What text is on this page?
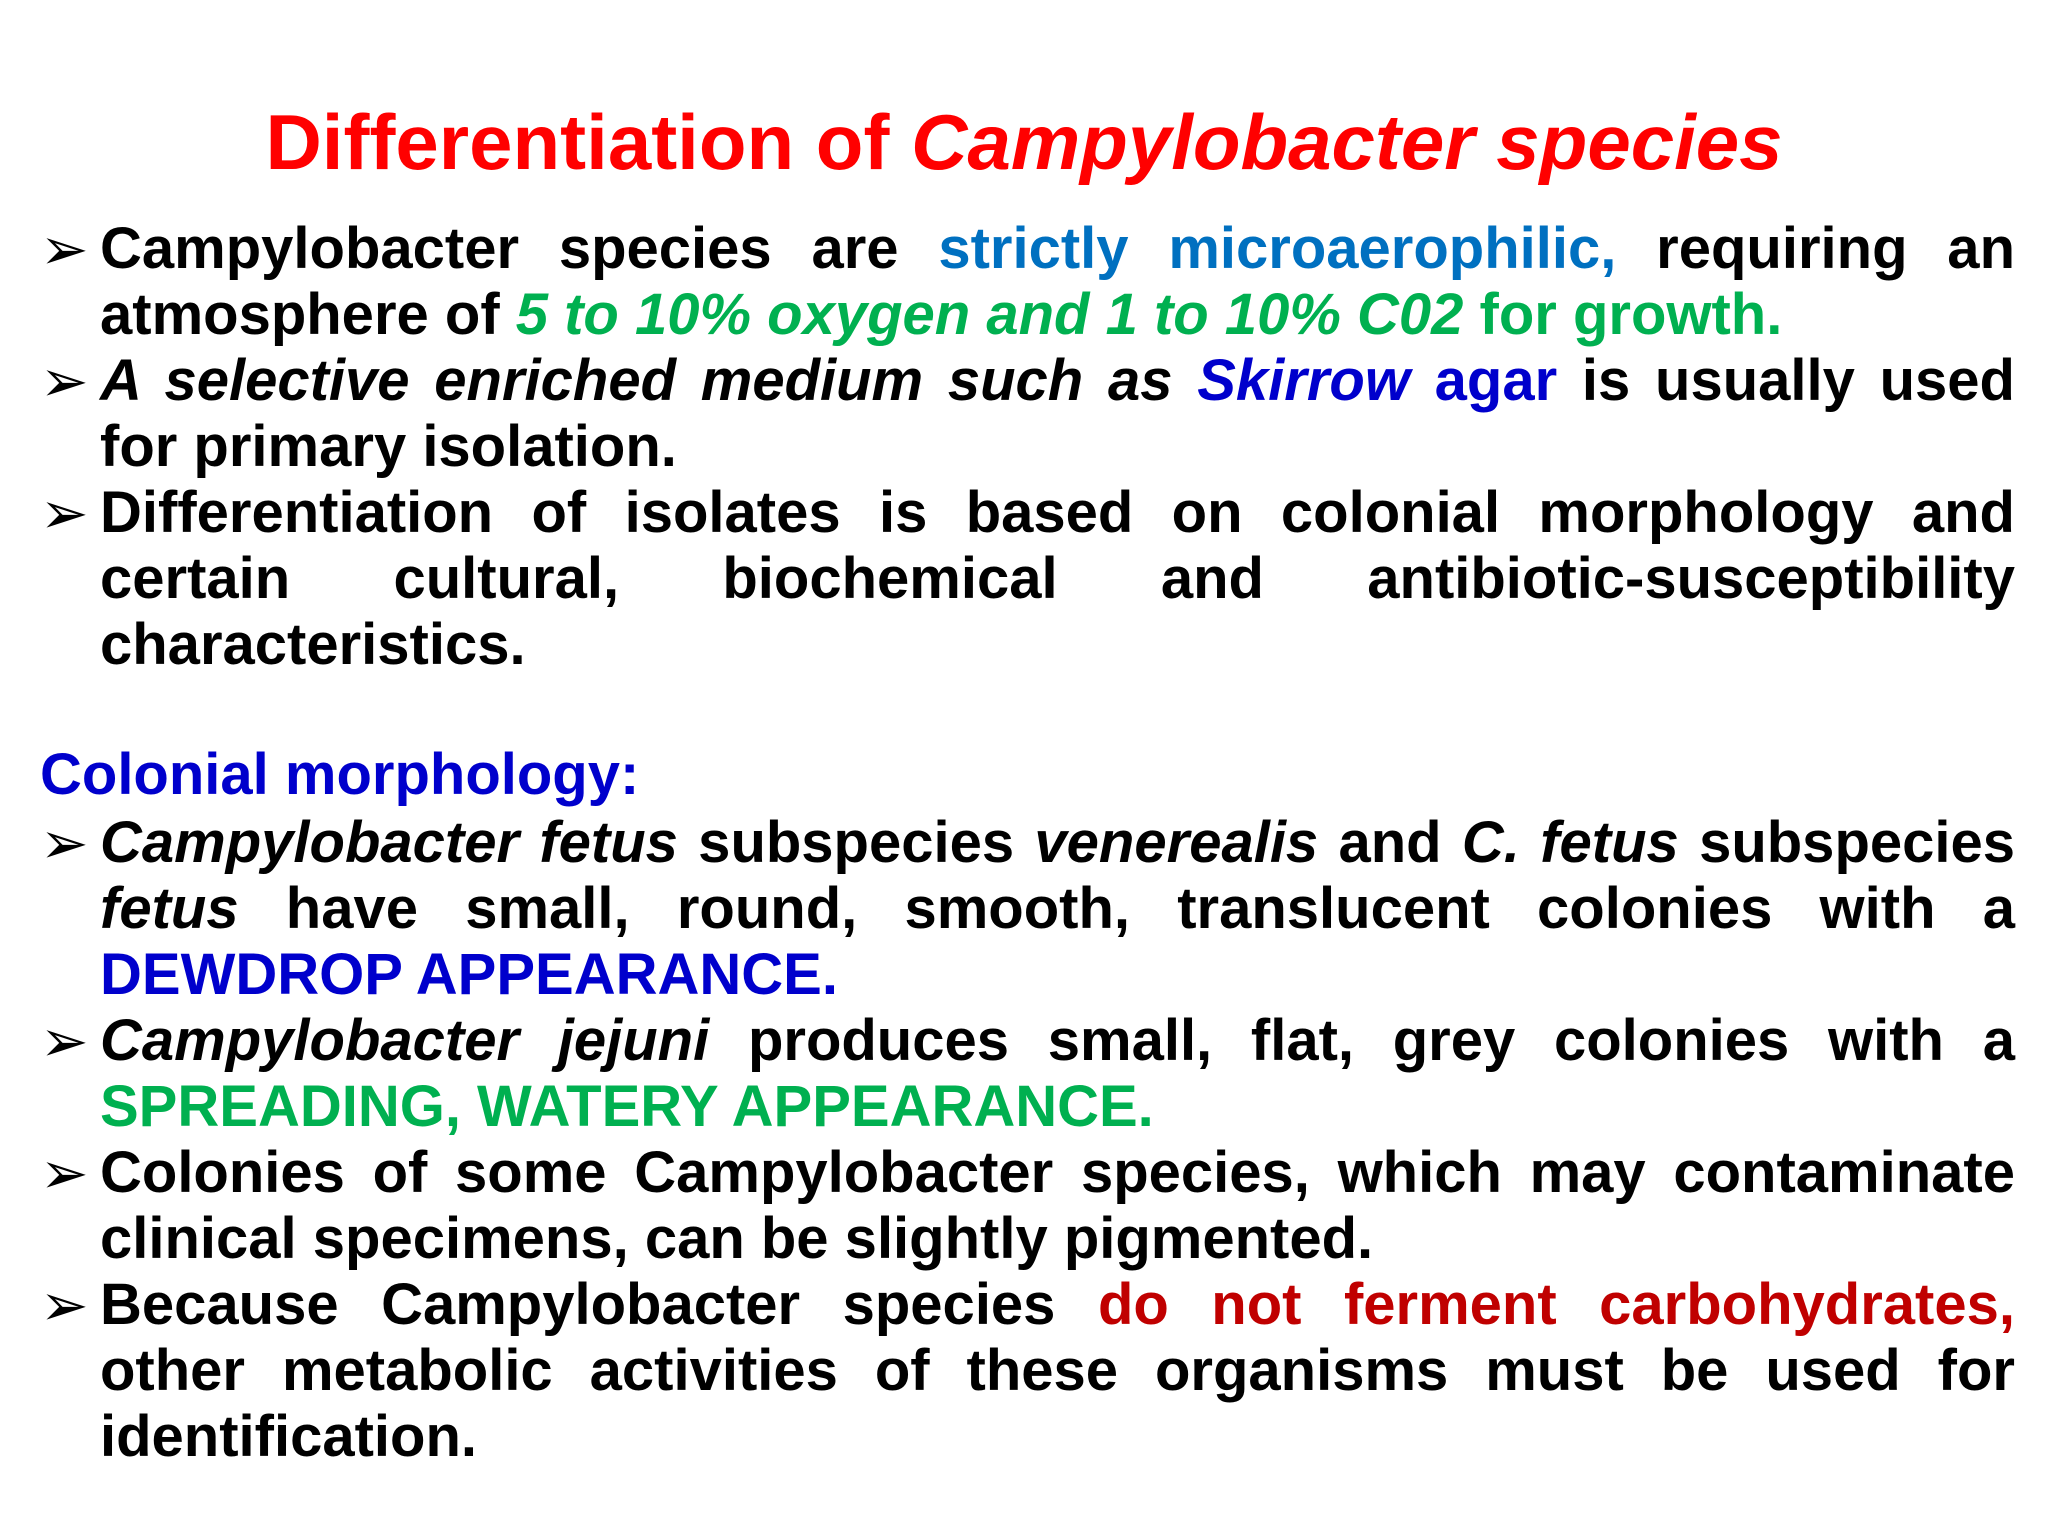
Differentiation of Campylobacter species
➢ Campylobacter species are strictly microaerophilic, requiring an atmosphere of 5 to 10% oxygen and 1 to 10% C02 for growth.
➢ A selective enriched medium such as Skirrow agar is usually used for primary isolation.
➢ Differentiation of isolates is based on colonial morphology and certain cultural, biochemical and antibiotic-susceptibility characteristics.
Colonial morphology:
➢ Campylobacter fetus subspecies venerealis and C. fetus subspecies fetus have small, round, smooth, translucent colonies with a DEWDROP APPEARANCE.
➢ Campylobacter jejuni produces small, flat, grey colonies with a SPREADING, WATERY APPEARANCE.
➢ Colonies of some Campylobacter species, which may contaminate clinical specimens, can be slightly pigmented.
➢ Because Campylobacter species do not ferment carbohydrates, other metabolic activities of these organisms must be used for identification.
